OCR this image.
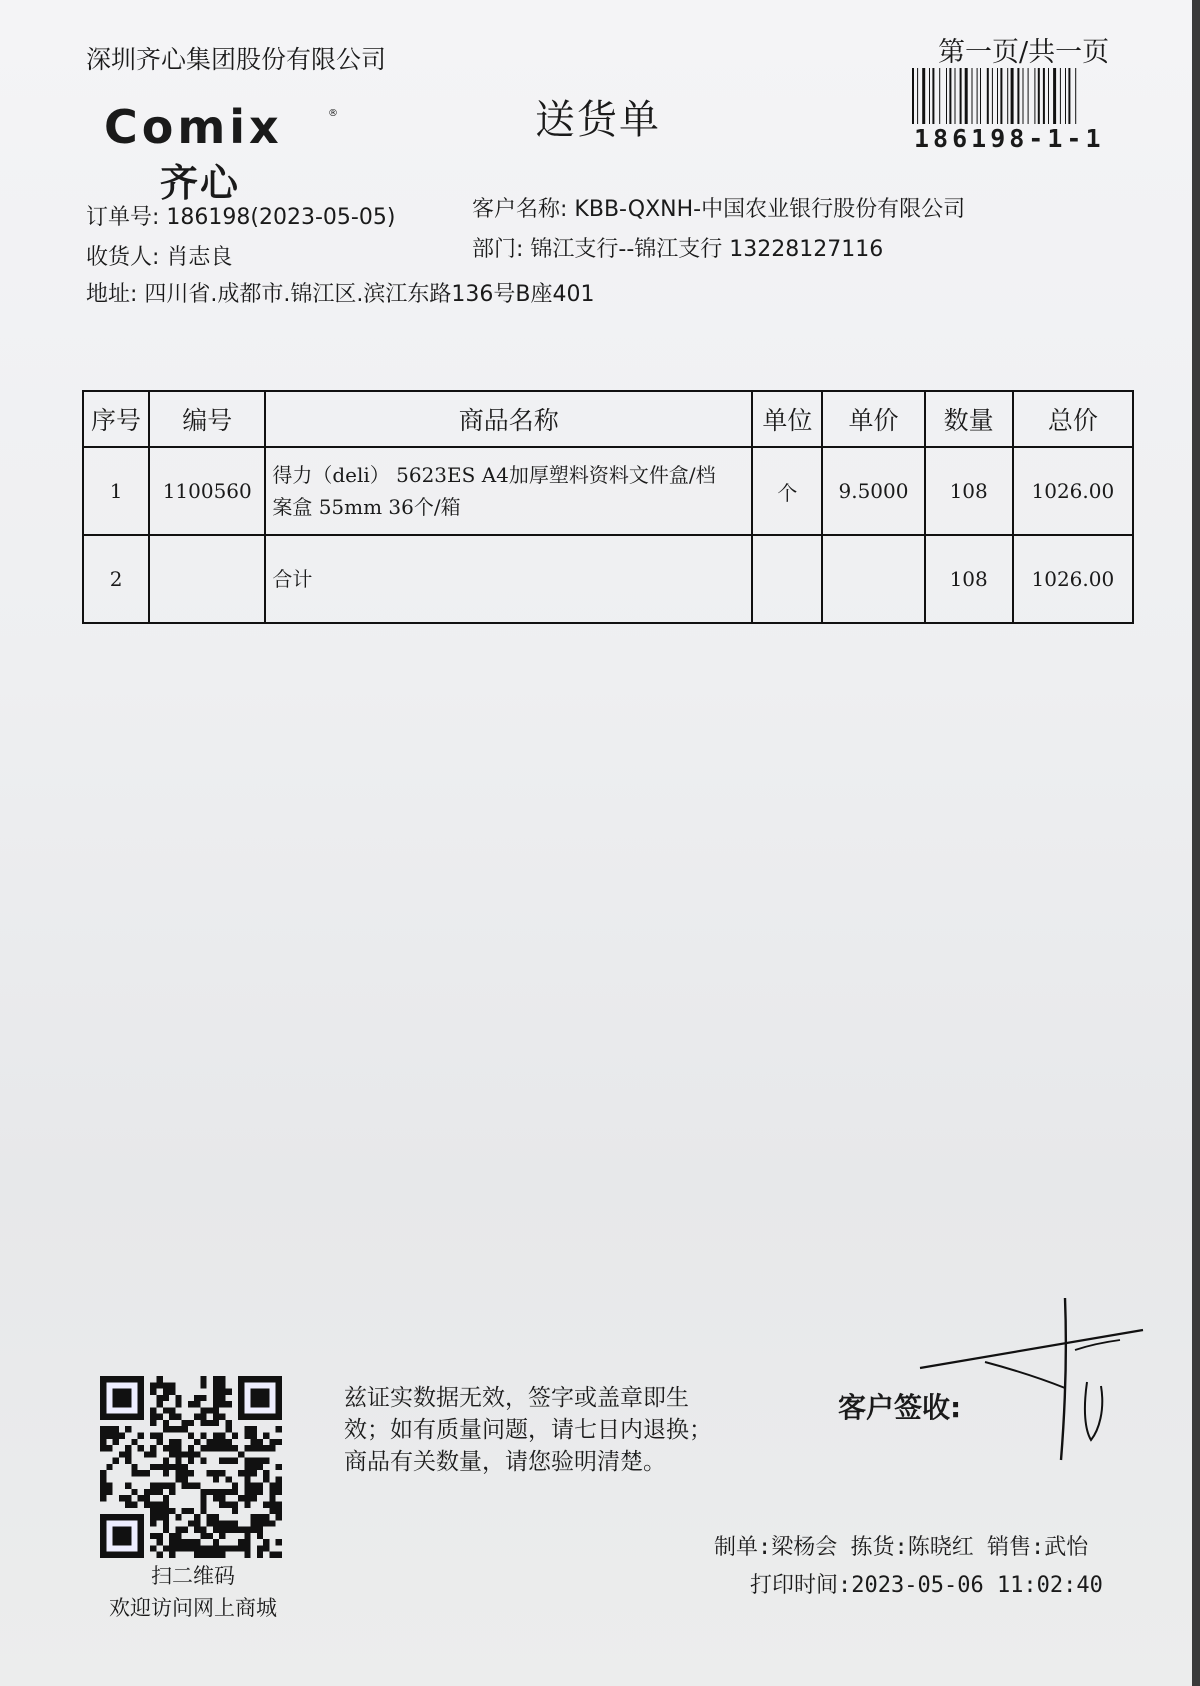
深圳齐心集团股份有限公司
Comix	®
齐心
送货单
第一页/共一页
186198-1-1
订单号: 186198(2023-05-05)
收货人: 肖志良
地址: 四川省.成都市.锦江区.滨江东路136号B座401
客户名称: KBB-QXNH-中国农业银行股份有限公司
部门: 锦江支行--锦江支行 13228127116
序号	编号	商品名称	单位	单价	数量	总价
1	1100560	得力（deli） 5623ES A4加厚塑料资料文件盒/档
案盒 55mm 36个/箱	个	9.5000	108	1026.00
2		合计			108	1026.00
扫二维码
欢迎访问网上商城
兹证实数据无效，签字或盖章即生
效；如有质量问题，请七日内退换；
商品有关数量，请您验明清楚。
客户签收:
制单:梁杨会 拣货:陈晓红 销售:武怡
打印时间:2023-05-06 11:02:40
